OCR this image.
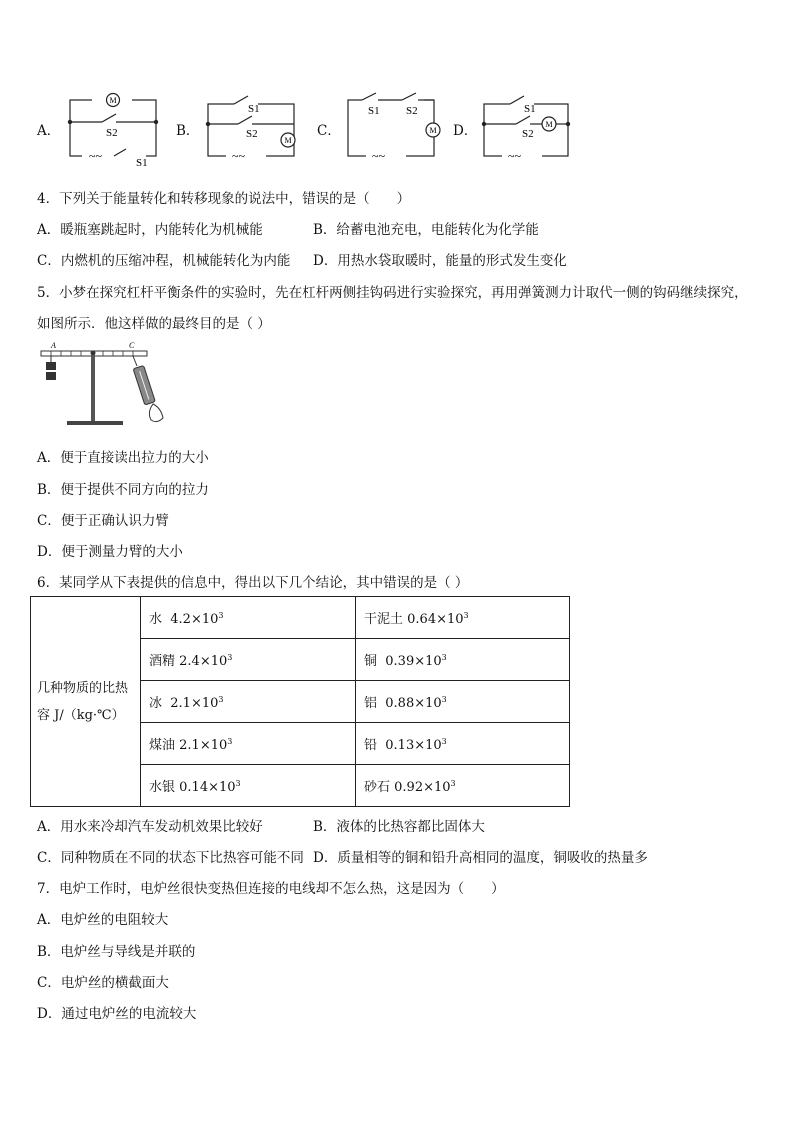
A．
M
S2
~~	S1
B．
S1
S2
M
~~
C．
S1 S2
M
~~
D．
S1
M
S2
~~
4．下列关于能量转化和转移现象的说法中，错误的是（　　）
A．暖瓶塞跳起时，内能转化为机械能	B．给蓄电池充电，电能转化为化学能
C．内燃机的压缩冲程，机械能转化为内能 D．用热水袋取暖时，能量的形式发生变化
5．小梦在探究杠杆平衡条件的实验时，先在杠杆两侧挂钩码进行实验探究，再用弹簧测力计取代一侧的钩码继续探究，
如图所示．他这样做的最终目的是（ ）
A	C
A．便于直接读出拉力的大小
B．便于提供不同方向的拉力
C．便于正确认识力臂
D．便于测量力臂的大小
6．某同学从下表提供的信息中，得出以下几个结论，其中错误的是（ ）
几种物质的比热
容 J/（kg·℃）	水 $4.2\times 10^3$	干泥土 $0.64\times 10^3$
	酒精 $2.4\times 10^3$	铜 $0.39\times 10^3$
	冰 $2.1\times 10^3$	铝 $0.88\times 10^3$
	煤油 $2.1\times 10^3$	铅 $0.13\times 10^3$
	水银 $0.14\times 10^3$	砂石 $0.92\times 10^3$
A．用水来冷却汽车发动机效果比较好	B．液体的比热容都比固体大
C．同种物质在不同的状态下比热容可能不同 D．质量相等的铜和铅升高相同的温度，铜吸收的热量多
7．电炉工作时，电炉丝很快变热但连接的电线却不怎么热，这是因为（　　）
A．电炉丝的电阻较大
B．电炉丝与导线是并联的
C．电炉丝的横截面大
D．通过电炉丝的电流较大
